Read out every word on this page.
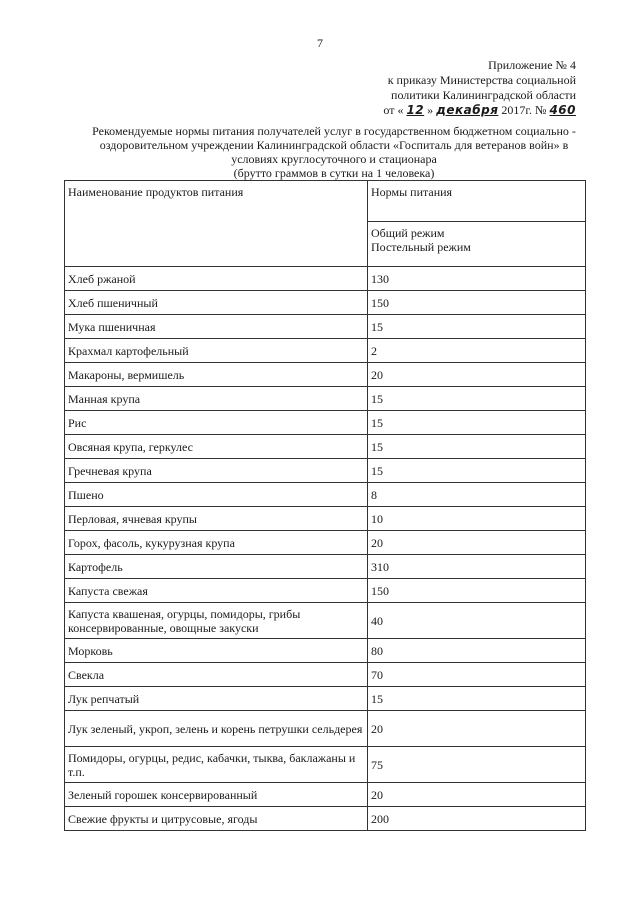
7
Приложение № 4
к приказу Министерства социальной
политики Калининградской области
от « 12 » декабря 2017г. № 460
Рекомендуемые нормы питания получателей услуг в государственном бюджетном социально -
оздоровительном учреждении Калининградской области «Госпиталь для ветеранов войн» в
условиях круглосуточного и стационара
(брутто граммов в сутки на 1 человека)
Наименование продуктов питания	Нормы питания

	Общий режим
Постельный режим

Хлеб ржаной	130
Хлеб пшеничный	150
Мука пшеничная	15
Крахмал картофельный	2
Макароны, вермишель	20
Манная крупа	15
Рис	15
Овсяная крупа, геркулес	15
Гречневая крупа	15
Пшено	8
Перловая, ячневая крупы	10
Горох, фасоль, кукурузная крупа	20
Картофель	310
Капуста свежая	150
Капуста квашеная, огурцы, помидоры, грибы консервированные, овощные закуски	40
Морковь	80
Свекла	70
Лук репчатый	15
Лук зеленый, укроп, зелень и корень петрушки сельдерея	20
Помидоры, огурцы, редис, кабачки, тыква, баклажаны и т.п.	75
Зеленый горошек консервированный	20
Свежие фрукты и цитрусовые, ягоды	200
